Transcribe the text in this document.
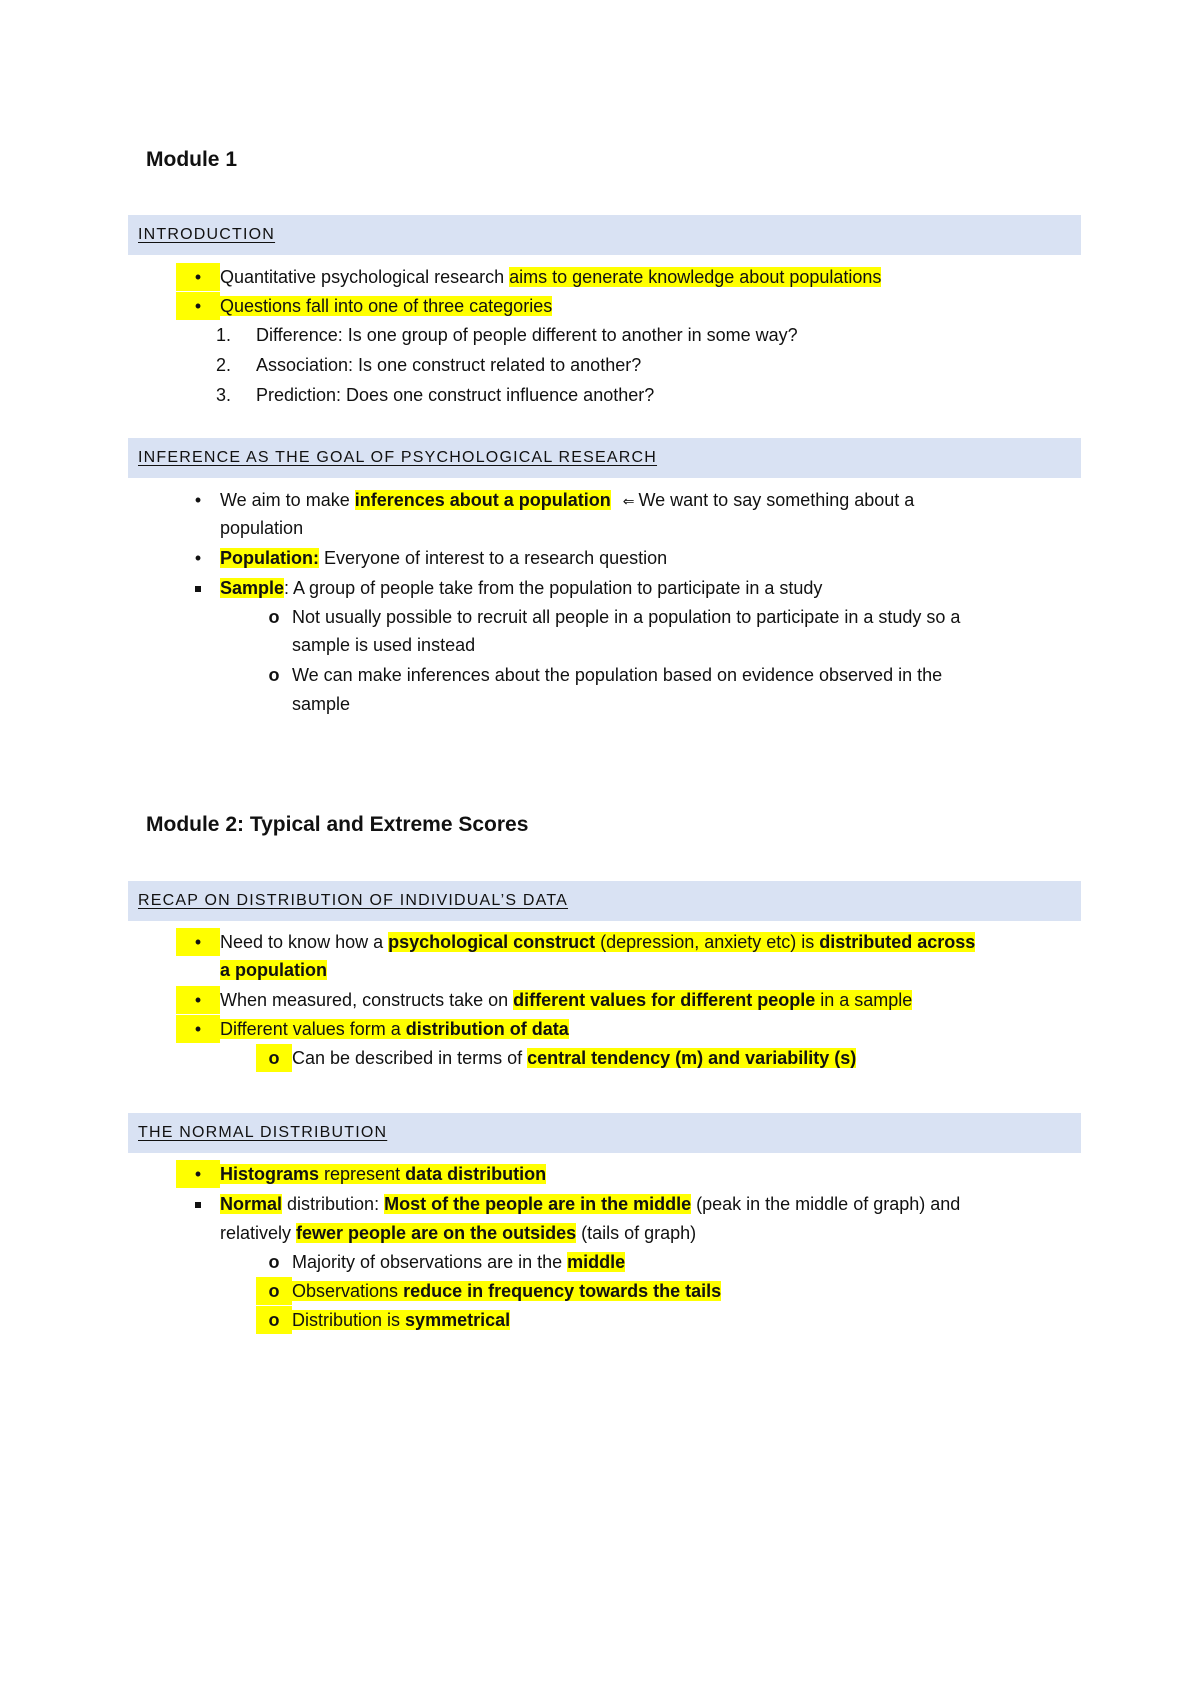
Module 1
INTRODUCTION
•	Quantitative psychological research aims to generate knowledge about populations
•	Questions fall into one of three categories
1.	Difference: Is one group of people different to another in some way?
2.	Association: Is one construct related to another?
3.	Prediction: Does one construct influence another?
INFERENCE AS THE GOAL OF PSYCHOLOGICAL RESEARCH
•	We aim to make inferences about a population ⇐ We want to say something about a
population
•	Population: Everyone of interest to a research question
Sample: A group of people take from the population to participate in a study
o Not usually possible to recruit all people in a population to participate in a study so a
sample is used instead
o We can make inferences about the population based on evidence observed in the
sample
Module 2: Typical and Extreme Scores
RECAP ON DISTRIBUTION OF INDIVIDUAL’S DATA
•	Need to know how a psychological construct (depression, anxiety etc) is distributed across
a population
•	When measured, constructs take on different values for different people in a sample
•	Different values form a distribution of data
o Can be described in terms of central tendency (m) and variability (s)
THE NORMAL DISTRIBUTION
•	Histograms represent data distribution
Normal distribution: Most of the people are in the middle (peak in the middle of graph) and
relatively fewer people are on the outsides (tails of graph)
o Majority of observations are in the middle
o Observations reduce in frequency towards the tails
o Distribution is symmetrical
